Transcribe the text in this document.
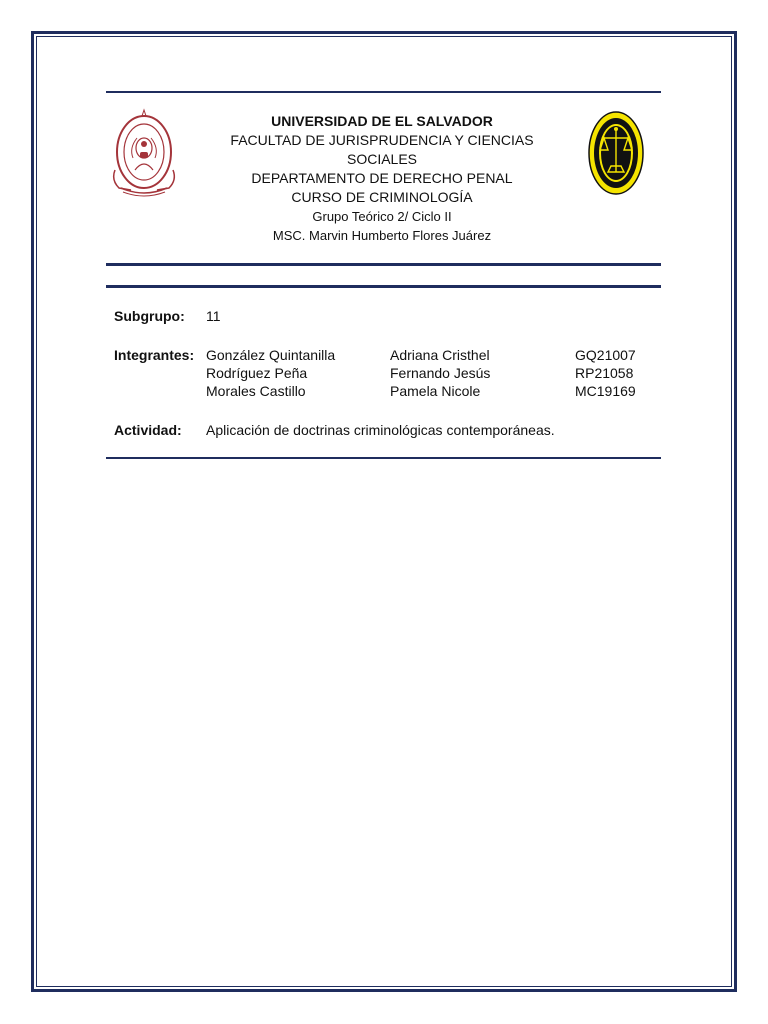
UNIVERSIDAD DE EL SALVADOR
FACULTAD DE JURISPRUDENCIA Y CIENCIAS
SOCIALES
DEPARTAMENTO DE DERECHO PENAL
CURSO DE CRIMINOLOGÍA
Grupo Teórico 2/ Ciclo II
MSC. Marvin Humberto Flores Juárez
Subgrupo: 11
Integrantes: González Quintanilla	Adriana Cristhel	GQ21007
Rodríguez Peña	Fernando Jesús	RP21058
Morales Castillo	Pamela Nicole	MC19169
Actividad: Aplicación de doctrinas criminológicas contemporáneas.
